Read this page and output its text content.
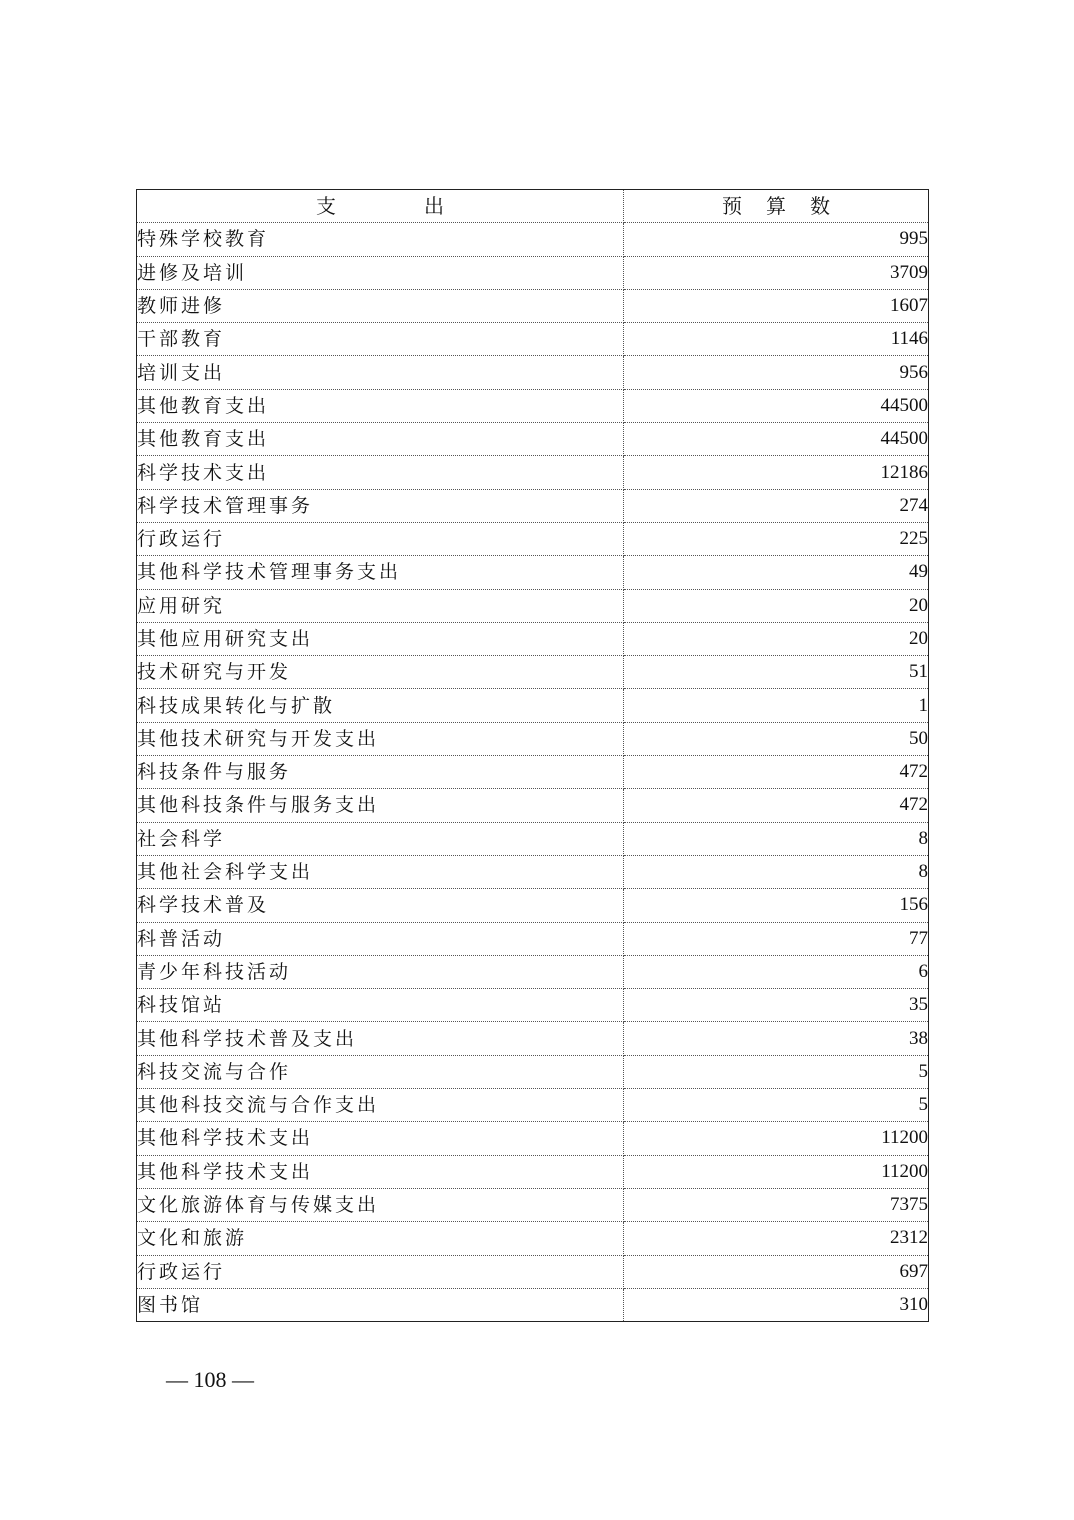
支出	预算数
特殊学校教育	995
进修及培训	3709
教师进修	1607
干部教育	1146
培训支出	956
其他教育支出	44500
其他教育支出	44500
科学技术支出	12186
科学技术管理事务	274
行政运行	225
其他科学技术管理事务支出	49
应用研究	20
其他应用研究支出	20
技术研究与开发	51
科技成果转化与扩散	1
其他技术研究与开发支出	50
科技条件与服务	472
其他科技条件与服务支出	472
社会科学	8
其他社会科学支出	8
科学技术普及	156
科普活动	77
青少年科技活动	6
科技馆站	35
其他科学技术普及支出	38
科技交流与合作	5
其他科技交流与合作支出	5
其他科学技术支出	11200
其他科学技术支出	11200
文化旅游体育与传媒支出	7375
文化和旅游	2312
行政运行	697
图书馆	310
— 108 —
